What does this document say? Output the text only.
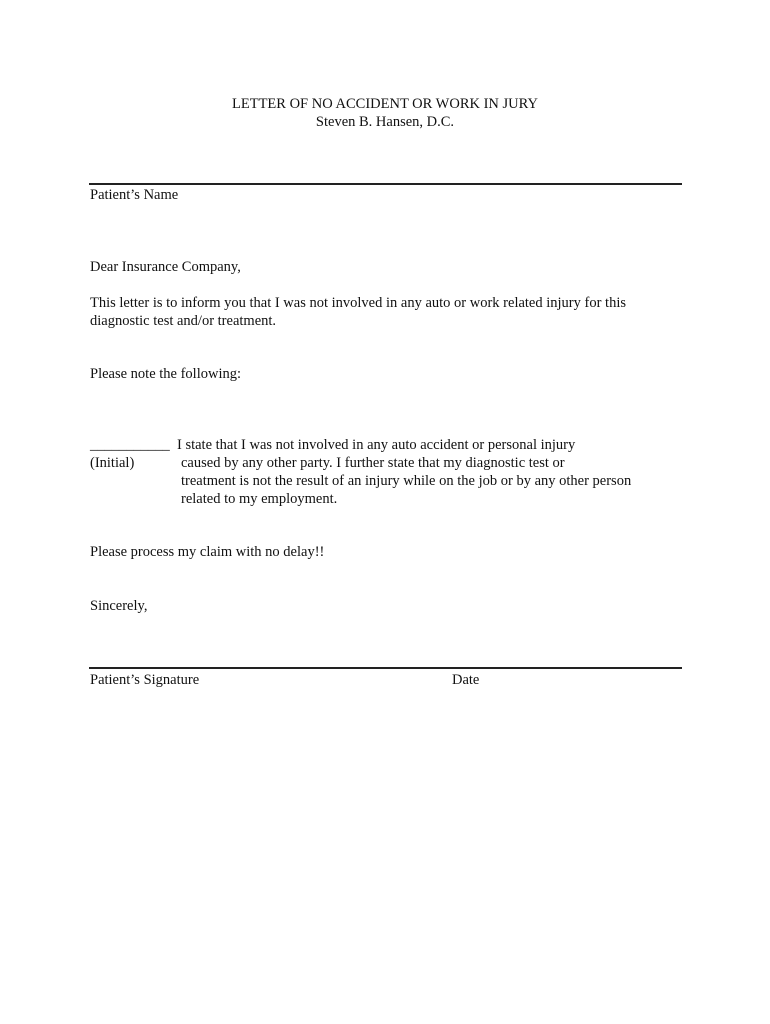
LETTER OF NO ACCIDENT OR WORK IN JURY
Steven B. Hansen, D.C.
Patient’s Name
Dear Insurance Company,
This letter is to inform you that I was not involved in any auto or work related injury for this
diagnostic test and/or treatment.
Please note the following:
___________
(Initial)
I state that I was not involved in any auto accident or personal injury
caused by any other party. I further state that my diagnostic test or
treatment is not the result of an injury while on the job or by any other person
related to my employment.
Please process my claim with no delay!!
Sincerely,
Patient’s Signature	Date
